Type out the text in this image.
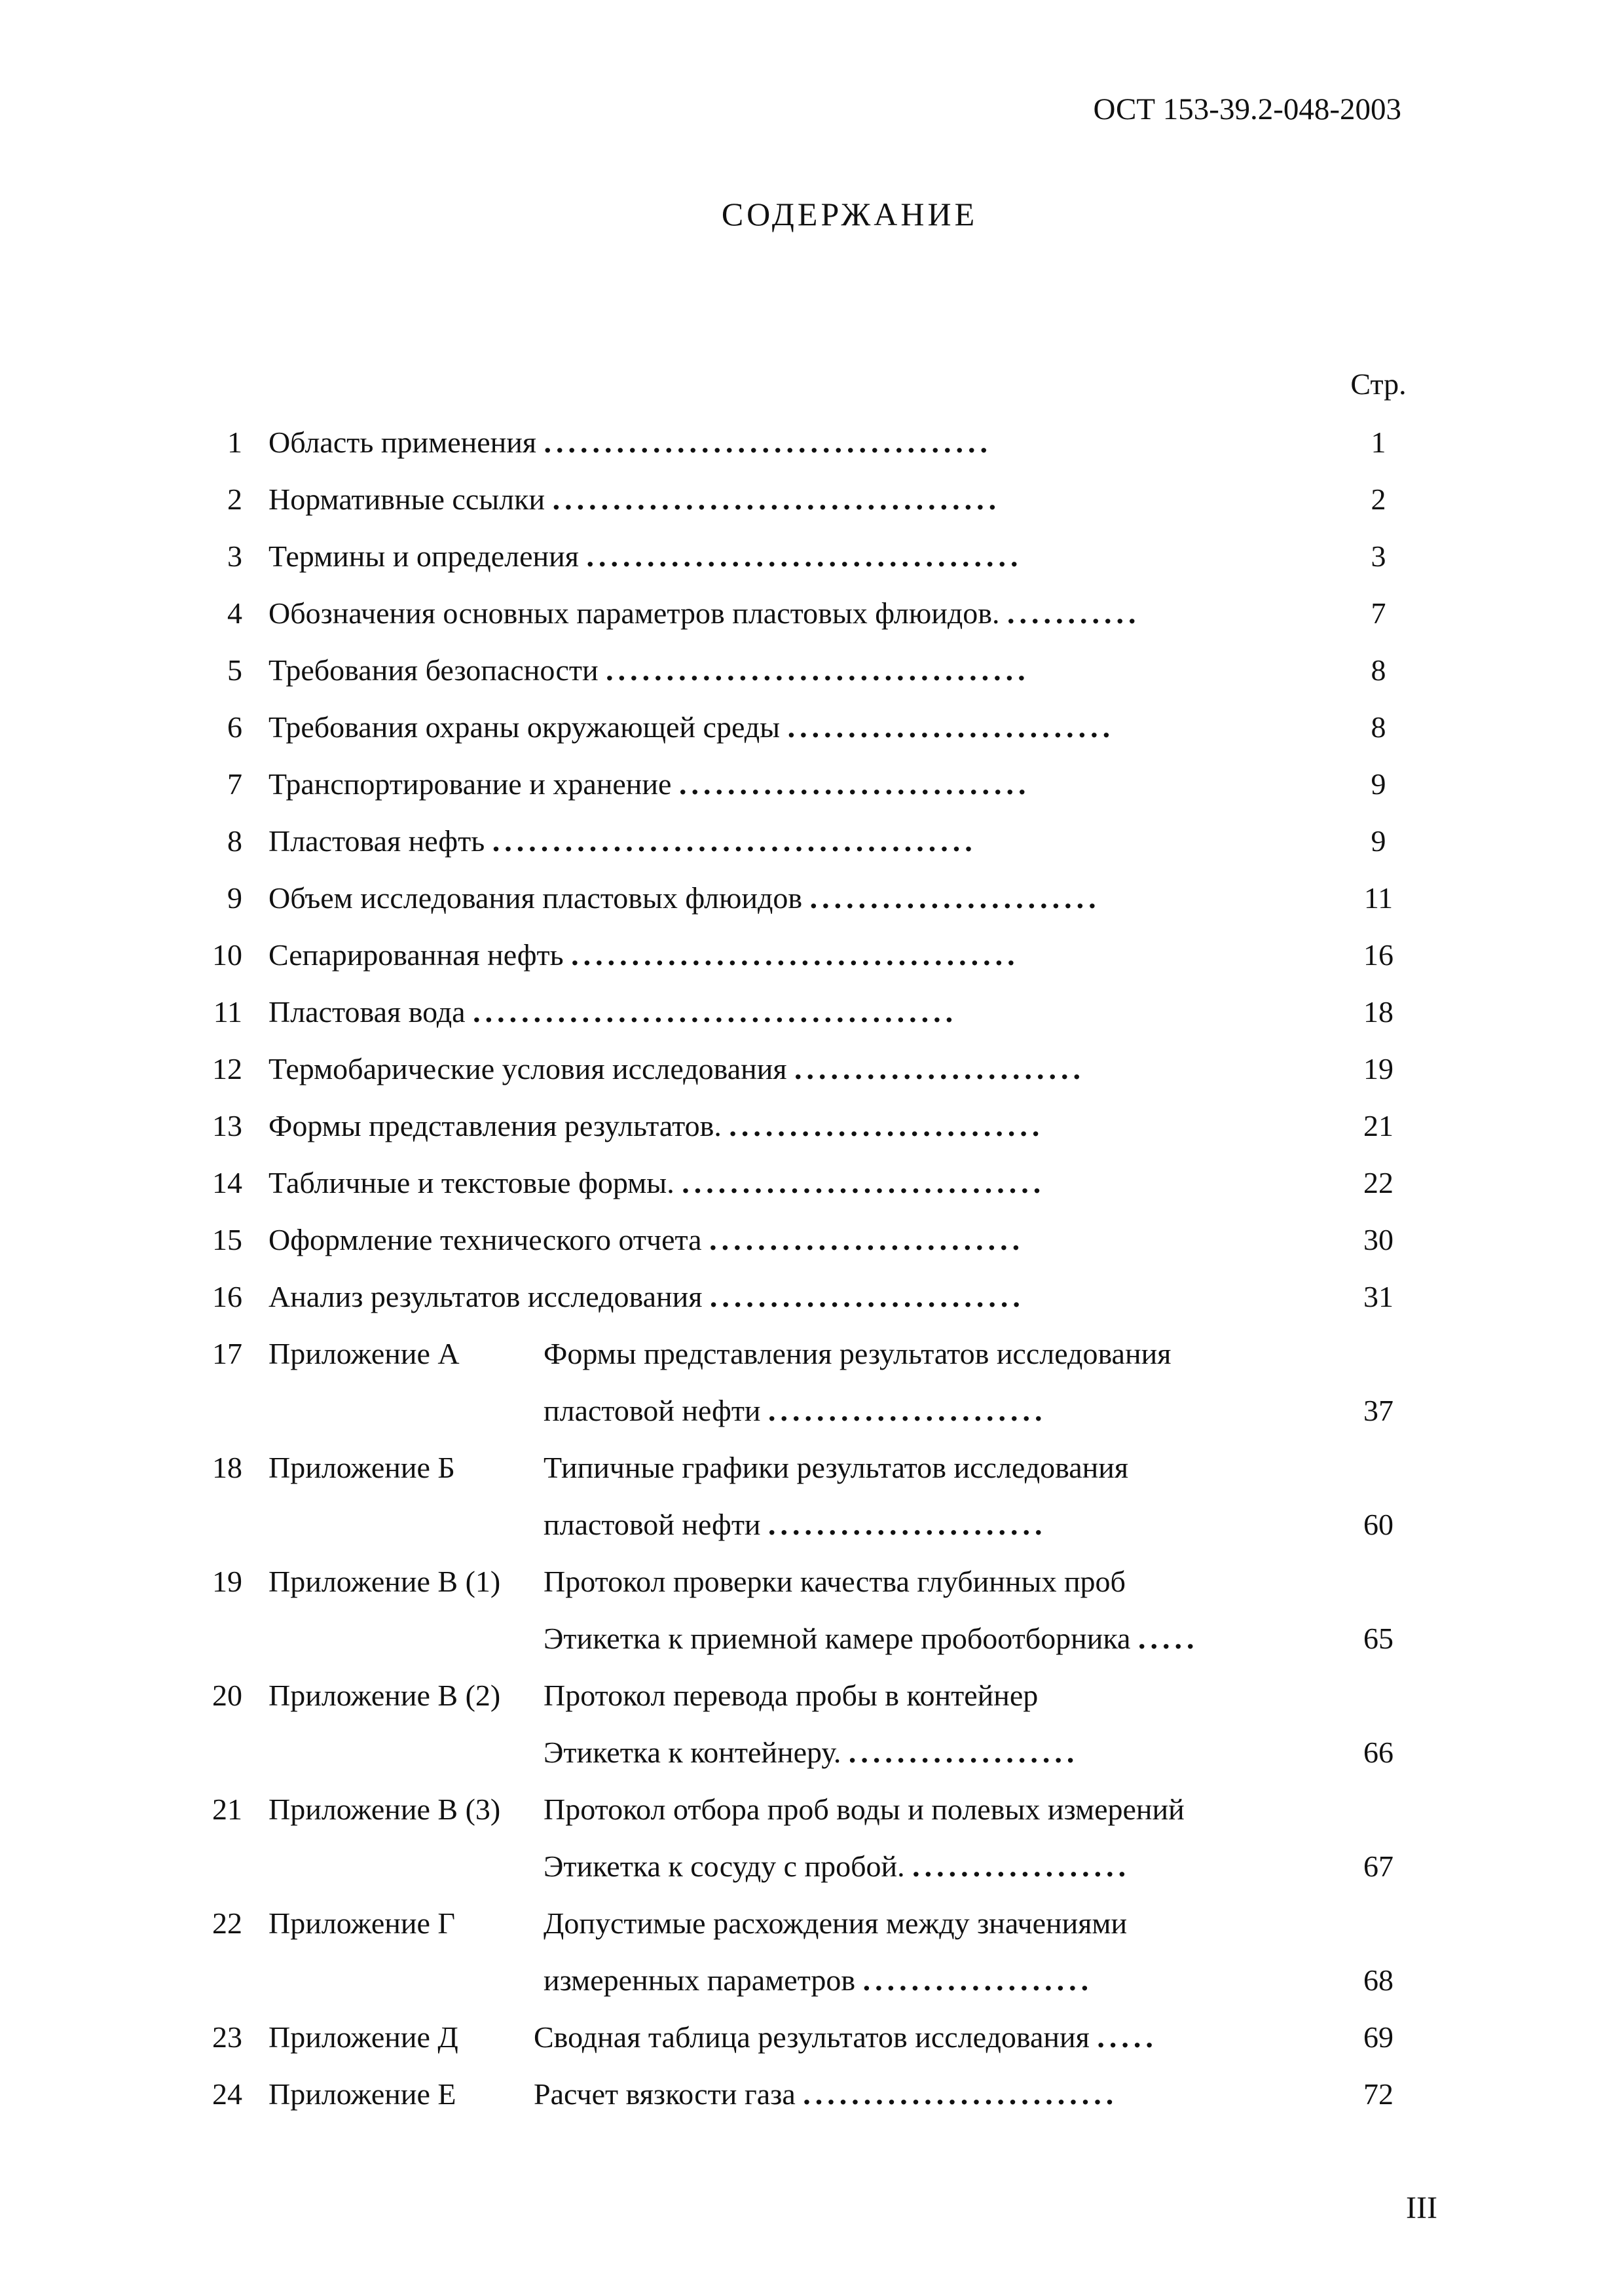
ОСТ 153-39.2-048-2003
СОДЕРЖАНИЕ
Стр.
1 Область применения .....................................	1
2 Нормативные ссылки .....................................	2
3 Термины и определения ....................................	3
4 Обозначения основных параметров пластовых флюидов. ...........	7
5 Требования безопасности ...................................	8
6 Требования охраны окружающей среды ...........................	8
7 Транспортирование и хранение .............................	9
8 Пластовая нефть ........................................	9
9 Объем исследования пластовых флюидов ........................	11
10 Сепарированная нефть .....................................	16
11 Пластовая вода ........................................	18
12 Термобарические условия исследования ........................	19
13 Формы представления результатов. ..........................	21
14 Табличные и текстовые формы. ..............................	22
15 Оформление технического отчета ..........................	30
16 Анализ результатов исследования ..........................	31
17 Приложение А	Формы представления результатов исследования
пластовой нефти .......................	37
18 Приложение Б	Типичные графики результатов исследования
пластовой нефти .......................	60
19 Приложение В (1) Протокол проверки качества глубинных проб
Этикетка к приемной камере пробоотборника .....	65
20 Приложение В (2) Протокол перевода пробы в контейнер
Этикетка к контейнеру. ...................	66
21 Приложение В (3) Протокол отбора проб воды и полевых измерений
Этикетка к сосуду с пробой. ..................	67
22 Приложение Г	Допустимые расхождения между значениями
измеренных параметров ...................	68
23 Приложение Д	Сводная таблица результатов исследования .....	69
24 Приложение Е	Расчет вязкости газа ..........................	72
III
